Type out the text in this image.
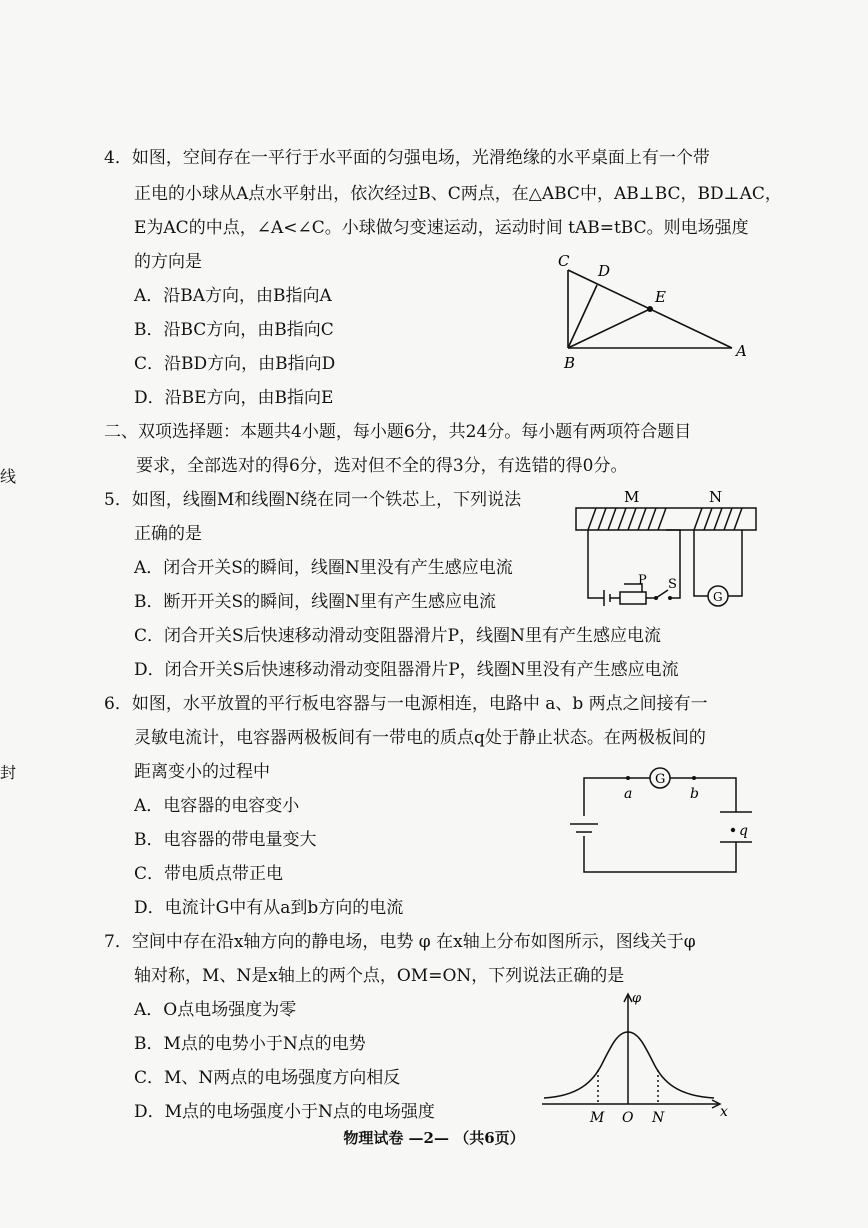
线
封
4．如图，空间存在一平行于水平面的匀强电场，光滑绝缘的水平桌面上有一个带
正电的小球从A点水平射出，依次经过B、C两点，在△ABC中，AB⊥BC，BD⊥AC，
E为AC的中点，∠A<∠C。小球做匀变速运动，运动时间 tAB=tBC。则电场强度
的方向是
A．沿BA方向，由B指向A
B．沿BC方向，由B指向C
C．沿BD方向，由B指向D
D．沿BE方向，由B指向E
C
D
E
B
A
二、双项选择题：本题共4小题，每小题6分，共24分。每小题有两项符合题目
要求，全部选对的得6分，选对但不全的得3分，有选错的得0分。
5．如图，线圈M和线圈N绕在同一个铁芯上，下列说法
正确的是
A．闭合开关S的瞬间，线圈N里没有产生感应电流
B．断开开关S的瞬间，线圈N里有产生感应电流
C．闭合开关S后快速移动滑动变阻器滑片P，线圈N里有产生感应电流
D．闭合开关S后快速移动滑动变阻器滑片P，线圈N里没有产生感应电流
M	N
P S
G
6．如图，水平放置的平行板电容器与一电源相连，电路中 a、b 两点之间接有一
灵敏电流计，电容器两极板间有一带电的质点q处于静止状态。在两极板间的
距离变小的过程中
A．电容器的电容变小
B．电容器的带电量变大
C．带电质点带正电
D．电流计G中有从a到b方向的电流
a
G
b
q
7．空间中存在沿x轴方向的静电场，电势 φ 在x轴上分布如图所示，图线关于φ
轴对称，M、N是x轴上的两个点，OM=ON，下列说法正确的是
A．O点电场强度为零
B．M点的电势小于N点的电势
C．M、N两点的电场强度方向相反
D．M点的电场强度小于N点的电场强度
φ
x
M O N
物理试卷 —2— （共6页）
